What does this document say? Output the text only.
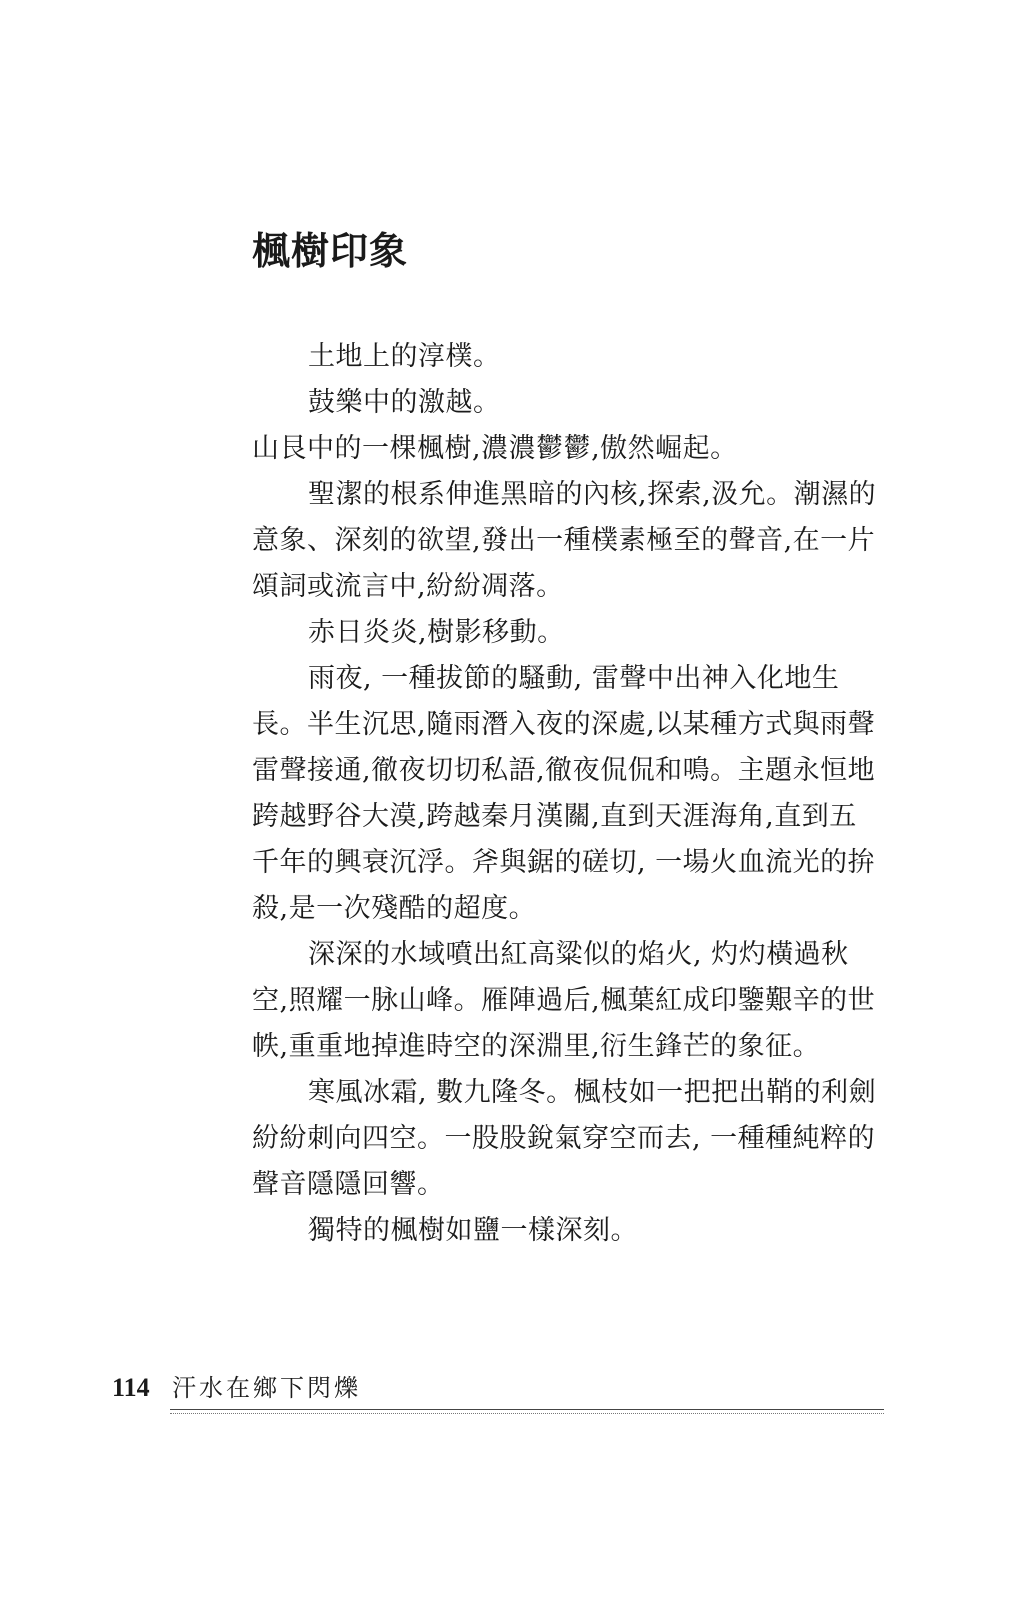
楓樹印象
土地上的淳樸。
鼓樂中的激越。
山艮中的一棵楓樹,濃濃鬱鬱,傲然崛起。
聖潔的根系伸進黑暗的內核,探索,汲允。潮濕的
意象、深刻的欲望,發出一種樸素極至的聲音,在一片
頌詞或流言中,紛紛凋落。
赤日炎炎,樹影移動。
雨夜, 一種拔節的騷動, 雷聲中出神入化地生
長。半生沉思,隨雨潛入夜的深處,以某種方式與雨聲
雷聲接通,徹夜切切私語,徹夜侃侃和鳴。主題永恒地
跨越野谷大漠,跨越秦月漢關,直到天涯海角,直到五
千年的興衰沉浮。斧與鋸的磋切, 一場火血流光的拚
殺,是一次殘酷的超度。
深深的水域噴出紅高粱似的焰火, 灼灼橫過秋
空,照耀一脉山峰。雁陣過后,楓葉紅成印鑒艱辛的世
帙,重重地掉進時空的深淵里,衍生鋒芒的象征。
寒風冰霜, 數九隆冬。楓枝如一把把出鞘的利劍
紛紛刺向四空。一股股銳氣穿空而去, 一種種純粹的
聲音隱隱回響。
獨特的楓樹如鹽一樣深刻。
114 汗水在鄉下閃爍
